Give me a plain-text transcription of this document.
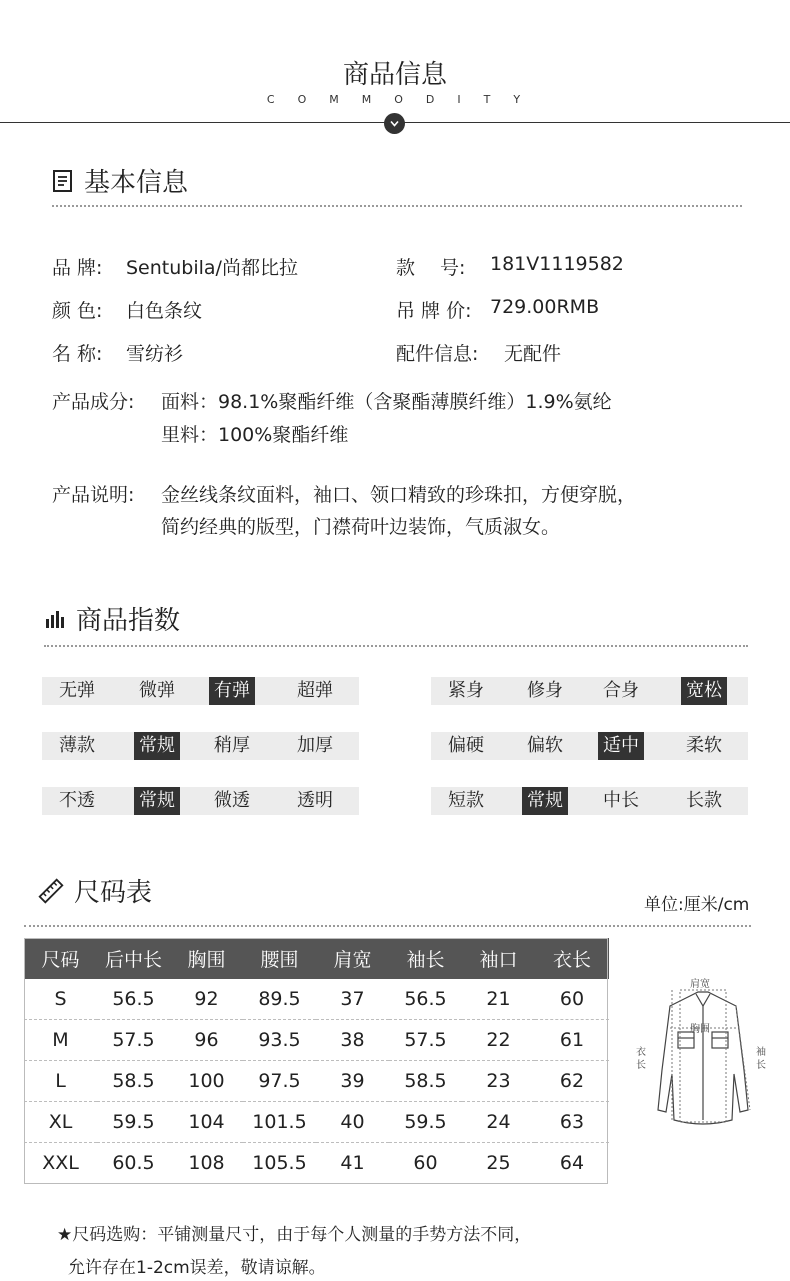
商品信息
COMMODITY
基本信息
品 牌: Sentubila/尚都比拉	款　 号: 181V1119582
颜 色: 白色条纹	吊 牌 价: 729.00RMB
名 称: 雪纺衫	配件信息: 无配件
产品成分: 面料：98.1%聚酯纤维（含聚酯薄膜纤维）1.9%氨纶
里料：100%聚酯纤维
产品说明: 金丝线条纹面料，袖口、领口精致的珍珠扣，方便穿脱，
简约经典的版型，门襟荷叶边装饰，气质淑女。
商品指数
无弹 微弹 有弹	超弹	紧身 修身 合身	宽松
薄款 常规 稍厚	加厚	偏硬 偏软 适中	柔软
不透 常规 微透	透明	短款 常规 中长	长款
尺码表	单位:厘米/cm
尺码	后中长	胸围	腰围	肩宽	袖长	袖口	衣长
S	56.5	92	89.5	37	56.5	21	60
M	57.5	96	93.5	38	57.5	22	61
L	58.5	100	97.5	39	58.5	23	62
XL	59.5	104	101.5	40	59.5	24	63
XXL	60.5	108	105.5	41	60	25	64
肩宽
胸围
衣长
袖长
★尺码选购：平铺测量尺寸，由于每个人测量的手势方法不同，
允许存在1-2cm误差，敬请谅解。
